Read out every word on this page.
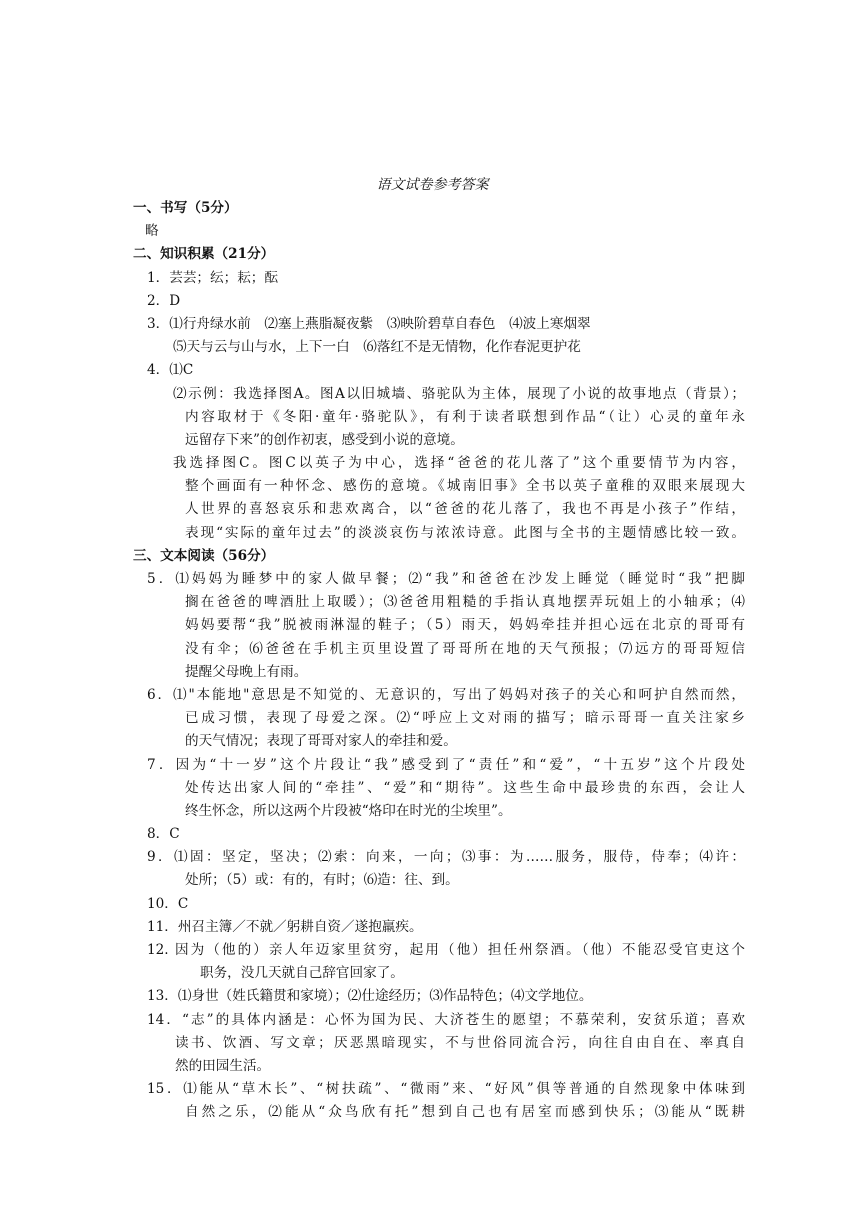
语文试卷参考答案
一、书写（5分）
略
二、知识积累（21分）
1．芸芸；纭；耘；酝
2．D
3．⑴行舟绿水前　⑵塞上燕脂凝夜紫　⑶映阶碧草自春色　⑷波上寒烟翠
⑸天与云与山与水，上下一白　⑹落红不是无情物，化作春泥更护花
4．⑴C
⑵示例：我选择图A。图A以旧城墙、骆驼队为主体，展现了小说的故事地点（背景）；
内容取材于《冬阳·童年·骆驼队》，有利于读者联想到作品“（让）心灵的童年永
远留存下来”的创作初衷，感受到小说的意境。
我选择图C。图C以英子为中心，选择“爸爸的花儿落了”这个重要情节为内容，
整个画面有一种怀念、感伤的意境。《城南旧事》全书以英子童稚的双眼来展现大
人世界的喜怒哀乐和悲欢离合，以“爸爸的花儿落了，我也不再是小孩子”作结，
表现“实际的童年过去”的淡淡哀伤与浓浓诗意。此图与全书的主题情感比较一致。
三、文本阅读（56分）
5．⑴妈妈为睡梦中的家人做早餐；⑵“我”和爸爸在沙发上睡觉（睡觉时“我”把脚
搁在爸爸的啤酒肚上取暖）；⑶爸爸用粗糙的手指认真地摆弄玩姐上的小轴承；⑷
妈妈要帮“我”脱被雨淋湿的鞋子；（5）雨天，妈妈牵挂并担心远在北京的哥哥有
没有伞；⑹爸爸在手机主页里设置了哥哥所在地的天气预报；⑺远方的哥哥短信
提醒父母晚上有雨。
6．⑴"本能地"意思是不知觉的、无意识的，写出了妈妈对孩子的关心和呵护自然而然，
已成习惯，表现了母爱之深。⑵“呼应上文对雨的描写；暗示哥哥一直关注家乡
的天气情况；表现了哥哥对家人的牵挂和爱。
7．因为“十一岁”这个片段让“我”感受到了“责任”和“爱”，“十五岁”这个片段处
处传达出家人间的“牵挂”、“爱”和“期待”。这些生命中最珍贵的东西，会让人
终生怀念，所以这两个片段被“烙印在时光的尘埃里”。
8．C
9．⑴固：坚定，坚决；⑵索：向来，一向；⑶事：为……服务，服侍，侍奉；⑷许：
处所；（5）或：有的，有时；⑹造：往、到。
10．C
11．州召主簿／不就／躬耕自资／遂抱羸疾。
12. 因为（他的）亲人年迈家里贫穷，起用（他）担任州祭酒。（他）不能忍受官吏这个
职务，没几天就自己辞官回家了。
13．⑴身世（姓氏籍贯和家境）；⑵仕途经历；⑶作品特色；⑷文学地位。
14．“志”的具体内涵是：心怀为国为民、大济苍生的愿望；不慕荣利，安贫乐道；喜欢
读书、饮酒、写文章；厌恶黑暗现实，不与世俗同流合污，向往自由自在、率真自
然的田园生活。
15．⑴能从“草木长”、“树扶疏”、“微雨”来、“好风”俱等普通的自然现象中体味到
自然之乐，⑵能从“众鸟欣有托”想到自己也有居室而感到快乐；⑶能从“既耕
